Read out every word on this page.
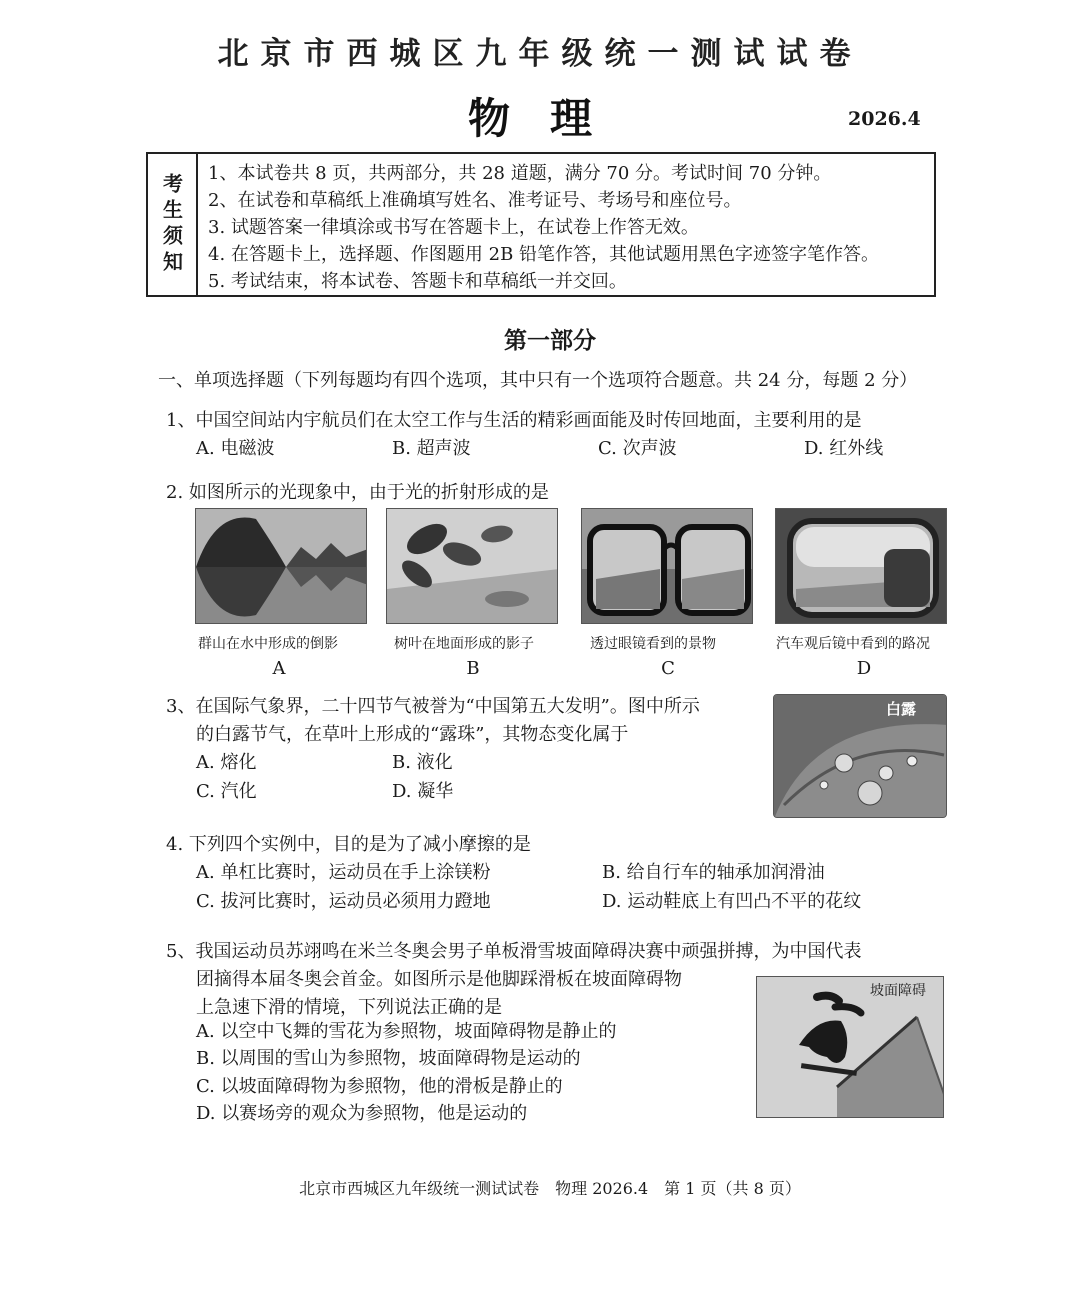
北京市西城区九年级统一测试试卷
物理	2026.4
考生须知 1、本试卷共 8 页，共两部分，共 28 道题，满分 70 分。考试时间 70 分钟。
2、在试卷和草稿纸上准确填写姓名、准考证号、考场号和座位号。
3. 试题答案一律填涂或书写在答题卡上，在试卷上作答无效。
4. 在答题卡上，选择题、作图题用 2B 铅笔作答，其他试题用黑色字迹签字笔作答。
5. 考试结束，将本试卷、答题卡和草稿纸一并交回。
第一部分
一、单项选择题（下列每题均有四个选项，其中只有一个选项符合题意。共 24 分，每题 2 分）
1、中国空间站内宇航员们在太空工作与生活的精彩画面能及时传回地面，主要利用的是
A. 电磁波	B. 超声波	C. 次声波	D. 红外线
2. 如图所示的光现象中，由于光的折射形成的是
群山在水中形成的倒影	树叶在地面形成的影子	透过眼镜看到的景物	汽车观后镜中看到的路况
A	B	C	D
3、在国际气象界，二十四节气被誉为“中国第五大发明”。图中所示
的白露节气，在草叶上形成的“露珠”，其物态变化属于
A. 熔化	B. 液化
C. 汽化	D. 凝华
白露
4. 下列四个实例中，目的是为了减小摩擦的是
A. 单杠比赛时，运动员在手上涂镁粉	B. 给自行车的轴承加润滑油
C. 拔河比赛时，运动员必须用力蹬地	D. 运动鞋底上有凹凸不平的花纹
5、我国运动员苏翊鸣在米兰冬奥会男子单板滑雪坡面障碍决赛中顽强拼搏，为中国代表
团摘得本届冬奥会首金。如图所示是他脚踩滑板在坡面障碍物
上急速下滑的情境，下列说法正确的是
A. 以空中飞舞的雪花为参照物，坡面障碍物是静止的
B. 以周围的雪山为参照物，坡面障碍物是运动的
C. 以坡面障碍物为参照物，他的滑板是静止的
D. 以赛场旁的观众为参照物，他是运动的
坡面障碍
北京市西城区九年级统一测试试卷　物理 2026.4　第 1 页（共 8 页）
